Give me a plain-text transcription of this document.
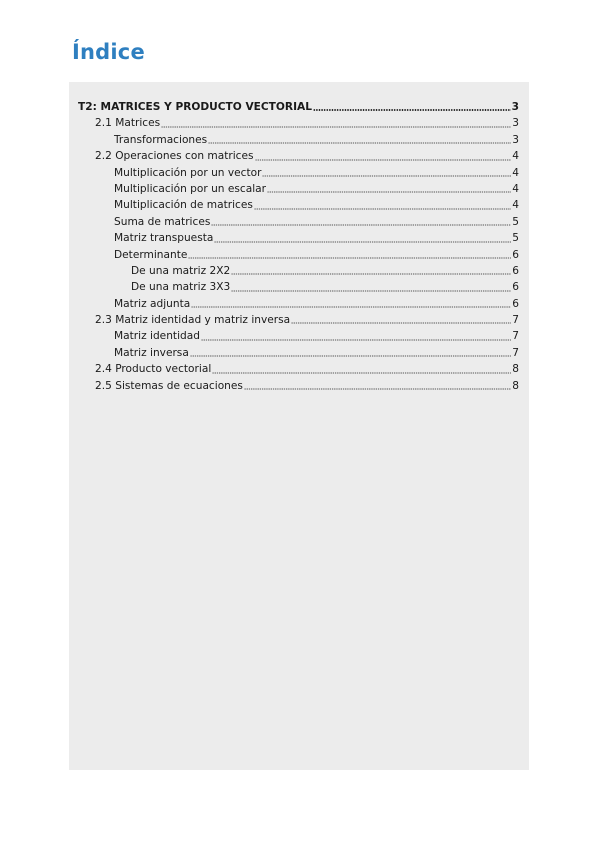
Índice
T2: MATRICES Y PRODUCTO VECTORIAL	3
2.1 Matrices	3
Transformaciones	3
2.2 Operaciones con matrices	4
Multiplicación por un vector	4
Multiplicación por un escalar	4
Multiplicación de matrices	4
Suma de matrices	5
Matriz transpuesta	5
Determinante	6
De una matriz 2X2	6
De una matriz 3X3	6
Matriz adjunta	6
2.3 Matriz identidad y matriz inversa	7
Matriz identidad	7
Matriz inversa	7
2.4 Producto vectorial	8
2.5 Sistemas de ecuaciones	8
